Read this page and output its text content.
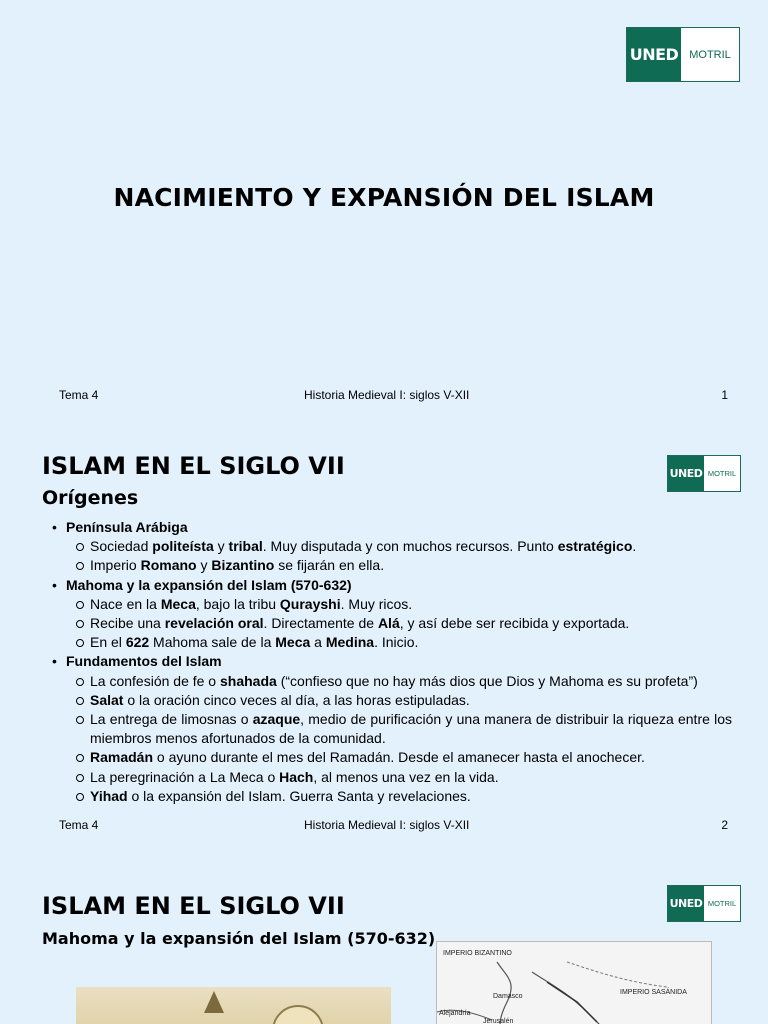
UNED MOTRIL
NACIMIENTO Y EXPANSIÓN DEL ISLAM
Tema 4	Historia Medieval I: siglos V-XII	1
UNED MOTRIL
ISLAM EN EL SIGLO VII
Orígenes
• Península Arábiga
Sociedad politeísta y tribal. Muy disputada y con muchos recursos. Punto estratégico.
Imperio Romano y Bizantino se fijarán en ella.
• Mahoma y la expansión del Islam (570-632)
Nace en la Meca, bajo la tribu Qurayshi. Muy ricos.
Recibe una revelación oral. Directamente de Alá, y así debe ser recibida y exportada.
En el 622 Mahoma sale de la Meca a Medina. Inicio.
• Fundamentos del Islam
La confesión de fe o shahada (“confieso que no hay más dios que Dios y Mahoma es su profeta”)
Salat o la oración cinco veces al día, a las horas estipuladas.
La entrega de limosnas o azaque, medio de purificación y una manera de distribuir la riqueza entre los miembros menos afortunados de la comunidad.
Ramadán o ayuno durante el mes del Ramadán. Desde el amanecer hasta el anochecer.
La peregrinación a La Meca o Hach, al menos una vez en la vida.
Yihad o la expansión del Islam. Guerra Santa y revelaciones.
Tema 4	Historia Medieval I: siglos V-XII	2
UNED MOTRIL
ISLAM EN EL SIGLO VII
Mahoma y la expansión del Islam (570-632)
IMPERIO BIZANTINO
IMPERIO SASÁNIDA
Damasco
Alejandría
Jerusalén
